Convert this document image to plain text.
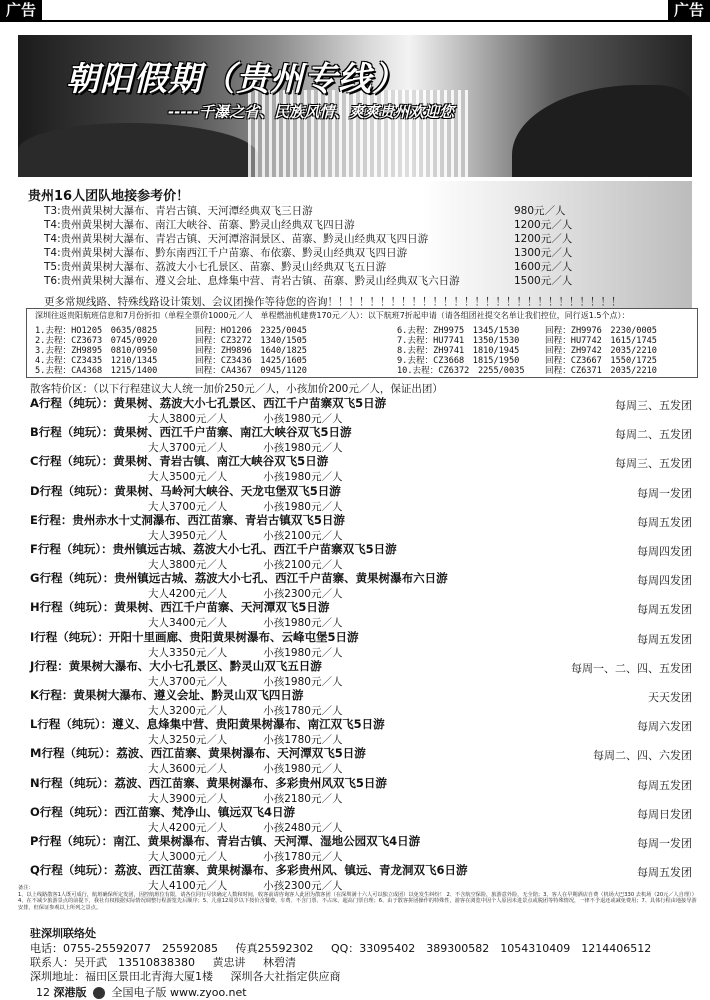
广告	广告
朝阳假期（贵州专线）
-----千瀑之省、民族风情、爽爽贵州欢迎您
贵州16人团队地接参考价！
T3:贵州黄果树大瀑布、青岩古镇、天河潭经典双飞三日游	980元／人
T4:贵州黄果树大瀑布、南江大峡谷、苗寨、黔灵山经典双飞四日游	1200元／人
T4:贵州黄果树大瀑布、青岩古镇、天河潭溶洞景区、苗寨、黔灵山经典双飞四日游	1200元／人
T4:贵州黄果树大瀑布、黔东南西江千户苗寨、布依寨、黔灵山经典双飞四日游	1300元／人
T5:贵州黄果树大瀑布、荔波大小七孔景区、苗寨、黔灵山经典双飞五日游	1600元／人
T6:贵州黄果树大瀑布、遵义会址、息烽集中营、青岩古镇、苗寨、黔灵山经典双飞六日游	1500元／人
更多常规线路、特殊线路设计策划、会议团操作等待您的咨询！！！！！！！！！！！！！！！！！！！！！！！！！！！！
深圳往返贵阳航班信息和7月份折扣（单程全票价1000元／人　单程燃油机建费170元／人）：以下航班7折起申请（请各组团社提交名单让我们控位，同行返1.5个点）：
1.去程：HO1205　0635/0825	回程：HO1206　2325/0045
2.去程：CZ3673　0745/0920	回程：CZ3272　1340/1505
3.去程：ZH9895　0810/0950	回程：ZH9896　1640/1825
4.去程：CZ3435　1210/1345	回程：CZ3436　1425/1605
5.去程：CA4368　1215/1400	回程：CA4367　0945/1120
6.去程：ZH9975　1345/1530	回程：ZH9976　2230/0005
7.去程：HU7741　1350/1530	回程：HU7742　1615/1745
8.去程：ZH9741　1810/1945	回程：ZH9742　2035/2210
9.去程：CZ3668　1815/1950	回程：CZ3667　1550/1725
10.去程：CZ6372　2255/0035 回程：CZ6371　2035/2210
散客特价区：（以下行程建议大人统一加价250元／人，小孩加价200元／人，保证出团）
A行程（纯玩）：黄果树、荔波大小七孔景区、西江千户苗寨双飞5日游
大人3800元／人	小孩1980元／人
每周三、五发团
B行程（纯玩）：黄果树、西江千户苗寨、南江大峡谷双飞5日游
大人3700元／人	小孩1980元／人
每周二、五发团
C行程（纯玩）：黄果树、青岩古镇、南江大峡谷双飞5日游
大人3500元／人	小孩1980元／人
每周三、五发团
D行程（纯玩）：黄果树、马岭河大峡谷、天龙屯堡双飞5日游
大人3700元／人	小孩1980元／人
每周一发团
E行程：贵州赤水十丈洞瀑布、西江苗寨、青岩古镇双飞5日游
大人3950元／人	小孩2100元／人
每周五发团
F行程（纯玩）：贵州镇远古城、荔波大小七孔、西江千户苗寨双飞5日游
大人3800元／人	小孩2100元／人
每周四发团
G行程（纯玩）：贵州镇远古城、荔波大小七孔、西江千户苗寨、黄果树瀑布六日游
大人4200元／人	小孩2300元／人
每周四发团
H行程（纯玩）：黄果树、西江千户苗寨、天河潭双飞5日游
大人3400元／人	小孩1980元／人
每周五发团
I行程（纯玩）：开阳十里画廊、贵阳黄果树瀑布、云峰屯堡5日游
大人3350元／人	小孩1980元／人
每周五发团
J行程：黄果树大瀑布、大小七孔景区、黔灵山双飞五日游
大人3700元／人	小孩1980元／人
每周一、二、四、五发团
K行程：黄果树大瀑布、遵义会址、黔灵山双飞四日游
大人3200元／人	小孩1780元／人
天天发团
L行程（纯玩）：遵义、息烽集中营、贵阳黄果树瀑布、南江双飞5日游
大人3250元／人	小孩1780元／人
每周六发团
M行程（纯玩）：荔波、西江苗寨、黄果树瀑布、天河潭双飞5日游
大人3600元／人	小孩1980元／人
每周二、四、六发团
N行程（纯玩）：荔波、西江苗寨、黄果树瀑布、多彩贵州风双飞5日游
大人3900元／人	小孩2180元／人
每周五发团
O行程（纯玩）：西江苗寨、梵净山、镇远双飞4日游
大人4200元／人	小孩2480元／人
每周日发团
P行程（纯玩）：南江、黄果树瀑布、青岩古镇、天河潭、湿地公园双飞4日游
大人3000元／人	小孩1780元／人
每周一发团
Q行程（纯玩）：荔波、西江苗寨、黄果树瀑布、多彩贵州风、镇远、青龙洞双飞6日游
大人4100元／人	小孩2300元／人
每周五发团
备注：
1、以上线路散客1人既可成行，航班确保所定发团，因控航班位有限，请各位同行尽快确定人数和时间，收客前请咨询客人此团为散客团（在深圳满十六人可以独立成团）以免发生纠纷！ 2、不含航空保险，旅游意外险，无全陪；3、客人在早期酒店自费（机场大巴330 去机场（20元／人自理））4、在不减少旅游景点的前提下，我社有权根据实际情况调整行程游览先后顺序；5、儿童12周岁以下按价含餐费、车费、不含门票、不占床，超高门票自理；6、由于散客拼团操作的特殊性，游客在浏览中因个人原因未进景点或脱团等特殊情况，一律不予退还或减免费用；7、具体行程由地接导游安排，但保证参观以上所列之景点。
驻深圳联络处
电话：0755-25592077　25592085 传真25592302 QQ：33095402　389300582　1054310409　1214406512
联系人：吴开武　13510838380 黄忠讲 林碧清
深圳地址：福田区景田北青海大厦1楼 深圳各大社指定供应商
12 深港版 全国电子版 www.zyoo.net
